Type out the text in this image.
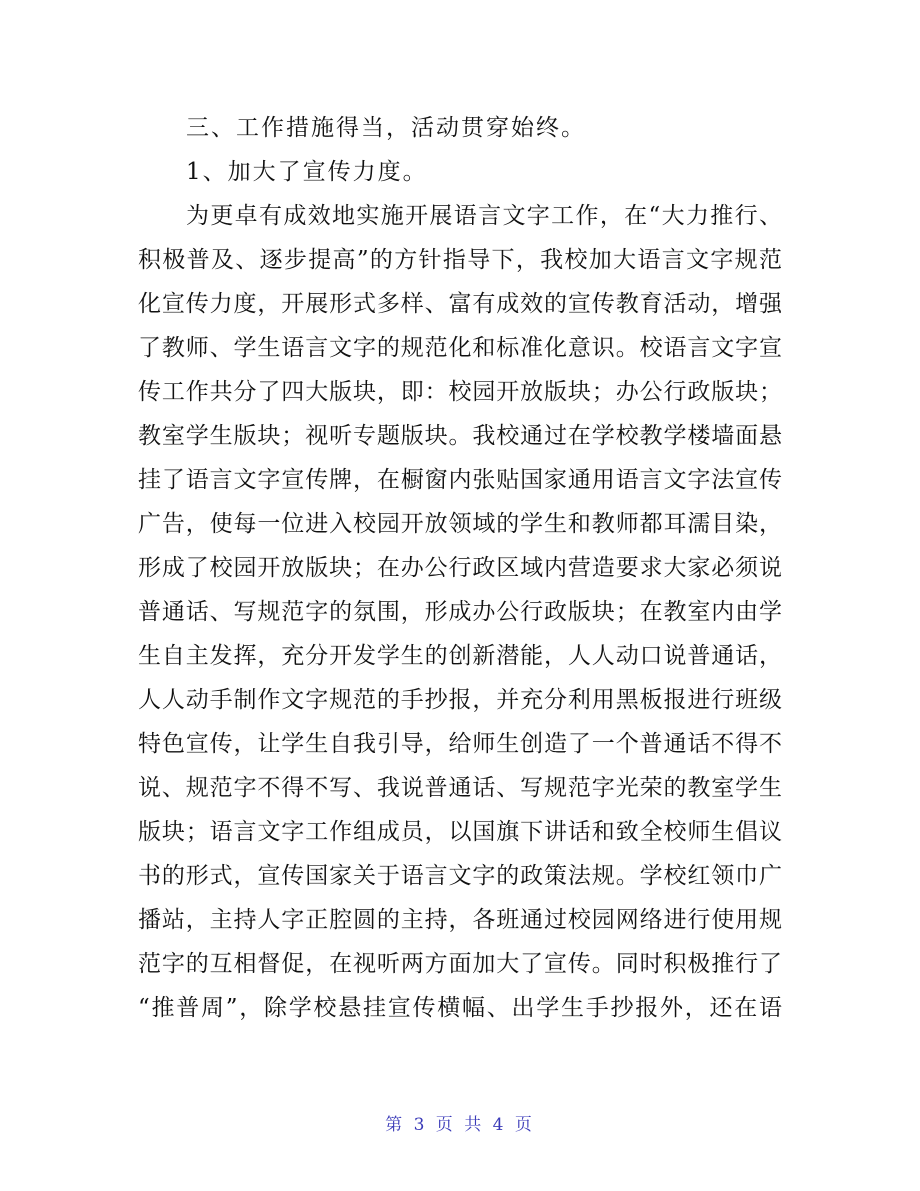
三、工作措施得当，活动贯穿始终。
1、加大了宣传力度。
为更卓有成效地实施开展语言文字工作，在“大力推行、
积极普及、逐步提高”的方针指导下，我校加大语言文字规范
化宣传力度，开展形式多样、富有成效的宣传教育活动，增强
了教师、学生语言文字的规范化和标准化意识。校语言文字宣
传工作共分了四大版块，即：校园开放版块；办公行政版块；
教室学生版块；视听专题版块。我校通过在学校教学楼墙面悬
挂了语言文字宣传牌，在橱窗内张贴国家通用语言文字法宣传
广告，使每一位进入校园开放领域的学生和教师都耳濡目染，
形成了校园开放版块；在办公行政区域内营造要求大家必须说
普通话、写规范字的氛围，形成办公行政版块；在教室内由学
生自主发挥，充分开发学生的创新潜能，人人动口说普通话，
人人动手制作文字规范的手抄报，并充分利用黑板报进行班级
特色宣传，让学生自我引导，给师生创造了一个普通话不得不
说、规范字不得不写、我说普通话、写规范字光荣的教室学生
版块；语言文字工作组成员，以国旗下讲话和致全校师生倡议
书的形式，宣传国家关于语言文字的政策法规。学校红领巾广
播站，主持人字正腔圆的主持，各班通过校园网络进行使用规
范字的互相督促，在视听两方面加大了宣传。同时积极推行了
“推普周”，除学校悬挂宣传横幅、出学生手抄报外，还在语
第 3 页 共 4 页
